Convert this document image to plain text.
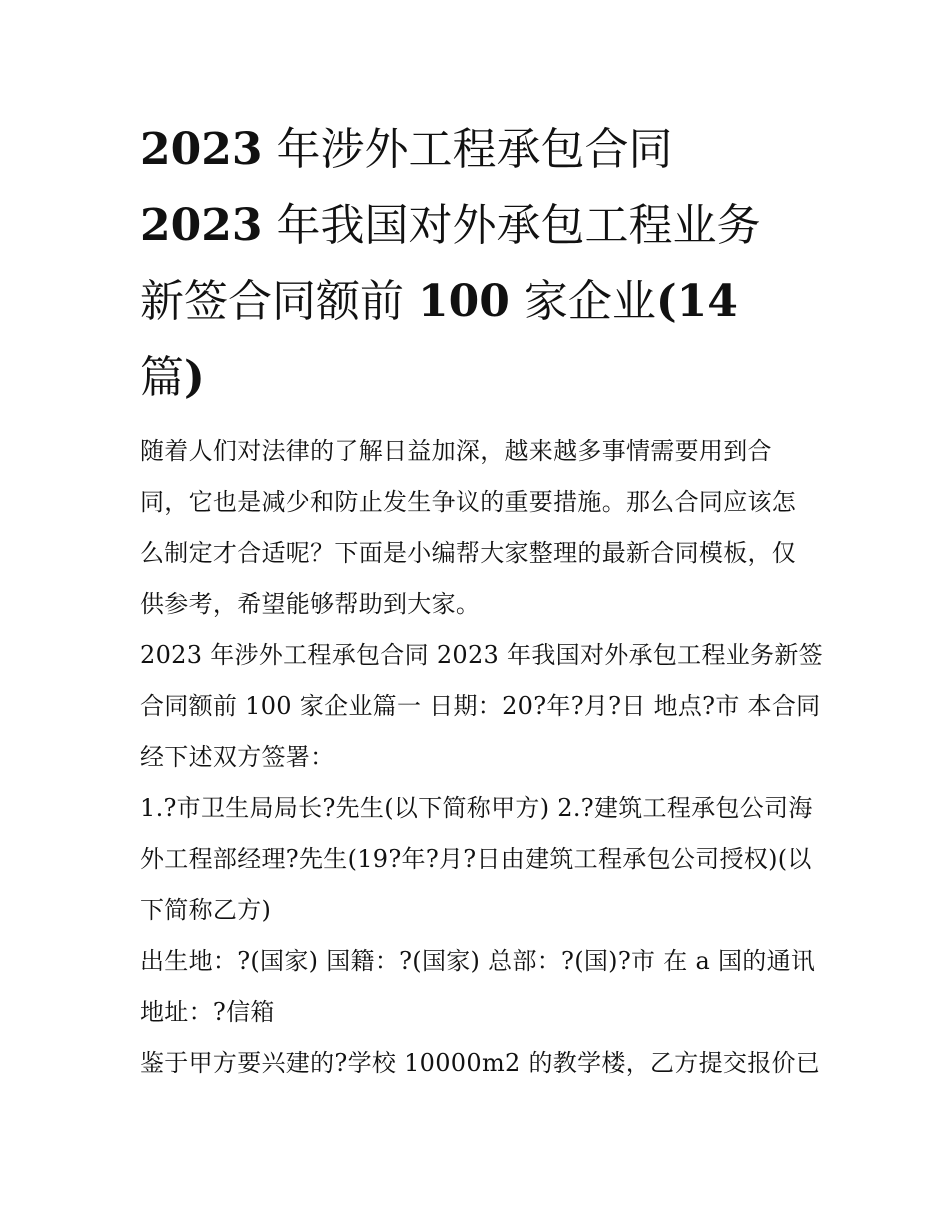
2023 年涉外工程承包合同
2023 年我国对外承包工程业务
新签合同额前 100 家企业(14
篇)

随着人们对法律的了解日益加深，越来越多事情需要用到合
同，它也是减少和防止发生争议的重要措施。那么合同应该怎
么制定才合适呢？下面是小编帮大家整理的最新合同模板，仅
供参考，希望能够帮助到大家。

2023 年涉外工程承包合同 2023 年我国对外承包工程业务新签
合同额前 100 家企业篇一 日期：20?年?月?日 地点?市 本合同
经下述双方签署：

1.?市卫生局局长?先生(以下简称甲方) 2.?建筑工程承包公司海
外工程部经理?先生(19?年?月?日由建筑工程承包公司授权)(以
下简称乙方)

出生地：?(国家) 国籍：?(国家) 总部：?(国)?市 在 a 国的通讯
地址：?信箱

鉴于甲方要兴建的?学校 10000m2 的教学楼，乙方提交报价已
